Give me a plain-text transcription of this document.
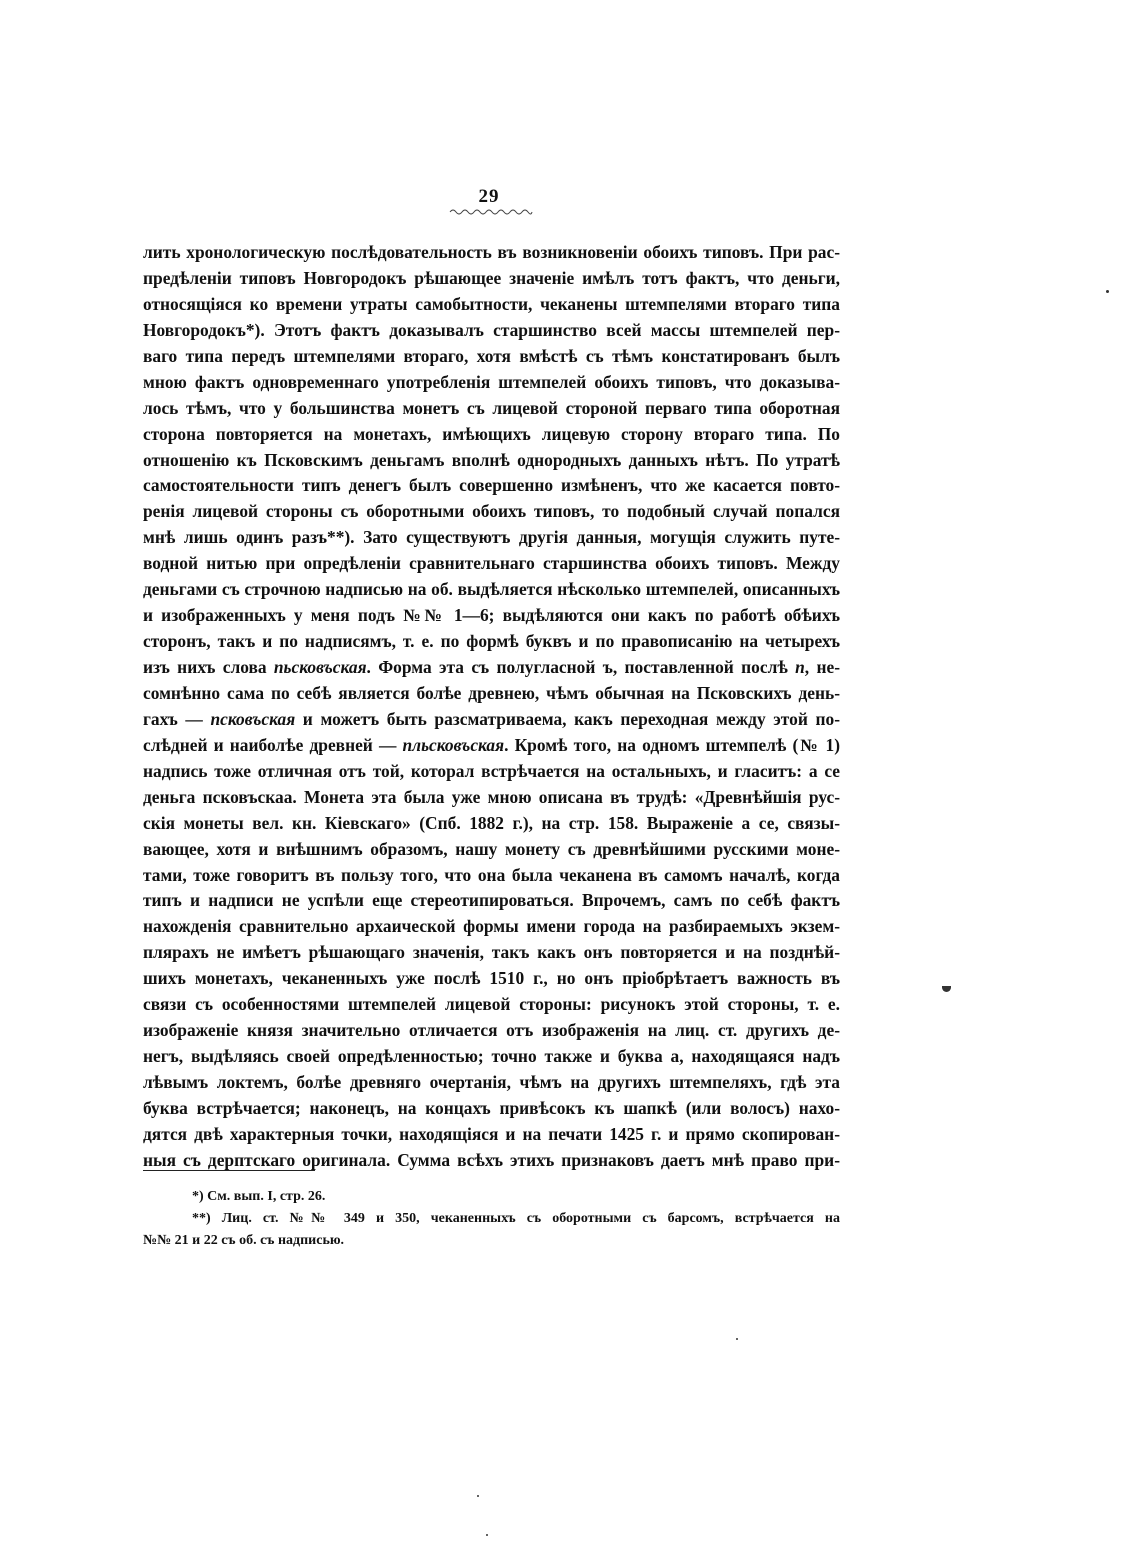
29
лить хронологическую послѣдовательность въ возникновеніи обоихъ типовъ. При рас-
предѣленіи типовъ Новгородокъ рѣшающее значеніе имѣлъ тотъ фактъ, что деньги,
относящіяся ко времени утраты самобытности, чеканены штемпелями втораго типа
Новгородокъ*). Этотъ фактъ доказывалъ старшинство всей массы штемпелей пер-
ваго типа передъ штемпелями втораго, хотя вмѣстѣ съ тѣмъ констатированъ былъ
мною фактъ одновременнаго употребленія штемпелей обоихъ типовъ, что доказыва-
лось тѣмъ, что у большинства монетъ съ лицевой стороной перваго типа оборотная
сторона повторяется на монетахъ, имѣющихъ лицевую сторону втораго типа. По
отношенію къ Псковскимъ деньгамъ вполнѣ однородныхъ данныхъ нѣтъ. По утратѣ
самостоятельности типъ денегъ былъ совершенно измѣненъ, что же касается повто-
ренія лицевой стороны съ оборотными обоихъ типовъ, то подобный случай попался
мнѣ лишь одинъ разъ**). Зато существуютъ другія данныя, могущія служить путе-
водной нитью при опредѣленіи сравнительнаго старшинства обоихъ типовъ. Между
деньгами съ строчною надписью на об. выдѣляется нѣсколько штемпелей, описанныхъ
и изображенныхъ у меня подъ №№ 1—6; выдѣляются они какъ по работѣ обѣихъ
сторонъ, такъ и по надписямъ, т. е. по формѣ буквъ и по правописанію на четырехъ
изъ нихъ слова пьсковъская. Форма эта съ полугласной ъ, поставленной послѣ п, не-
сомнѣнно сама по себѣ является болѣе древнею, чѣмъ обычная на Псковскихъ день-
гахъ — псковъская и можетъ быть разсматриваема, какъ переходная между этой по-
слѣдней и наиболѣе древней — пльсковъская. Кромѣ того, на одномъ штемпелѣ (№ 1)
надпись тоже отличная отъ той, которал встрѣчается на остальныхъ, и гласитъ: а се
деньга псковъскаа. Монета эта была уже мною описана въ трудѣ: «Древнѣйшія рус-
скія монеты вел. кн. Кіевскаго» (Спб. 1882 г.), на стр. 158. Выраженіе а се, связы-
вающее, хотя и внѣшнимъ образомъ, нашу монету съ древнѣйшими русскими моне-
тами, тоже говоритъ въ пользу того, что она была чеканена въ самомъ началѣ, когда
типъ и надписи не успѣли еще стереотипироваться. Впрочемъ, самъ по себѣ фактъ
нахожденія сравнительно архаической формы имени города на разбираемыхъ экзем-
плярахъ не имѣетъ рѣшающаго значенія, такъ какъ онъ повторяется и на позднѣй-
шихъ монетахъ, чеканенныхъ уже послѣ 1510 г., но онъ пріобрѣтаетъ важность въ
связи съ особенностями штемпелей лицевой стороны: рисунокъ этой стороны, т. е.
изображеніе князя значительно отличается отъ изображенія на лиц. ст. другихъ де-
негъ, выдѣляясь своей опредѣленностью; точно также и буква а, находящаяся надъ
лѣвымъ локтемъ, болѣе древняго очертанія, чѣмъ на другихъ штемпеляхъ, гдѣ эта
буква встрѣчается; наконецъ, на концахъ привѣсокъ къ шапкѣ (или волосъ) нахо-
дятся двѣ характерныя точки, находящіяся и на печати 1425 г. и прямо скопирован-
ныя съ дерптскаго оригинала. Сумма всѣхъ этихъ признаковъ даетъ мнѣ право при-
*) См. вып. I, стр. 26.
**) Лиц. ст. №№ 349 и 350, чеканенныхъ съ оборотными съ барсомъ, встрѣчается на
№№ 21 и 22 съ об. съ надписью.
